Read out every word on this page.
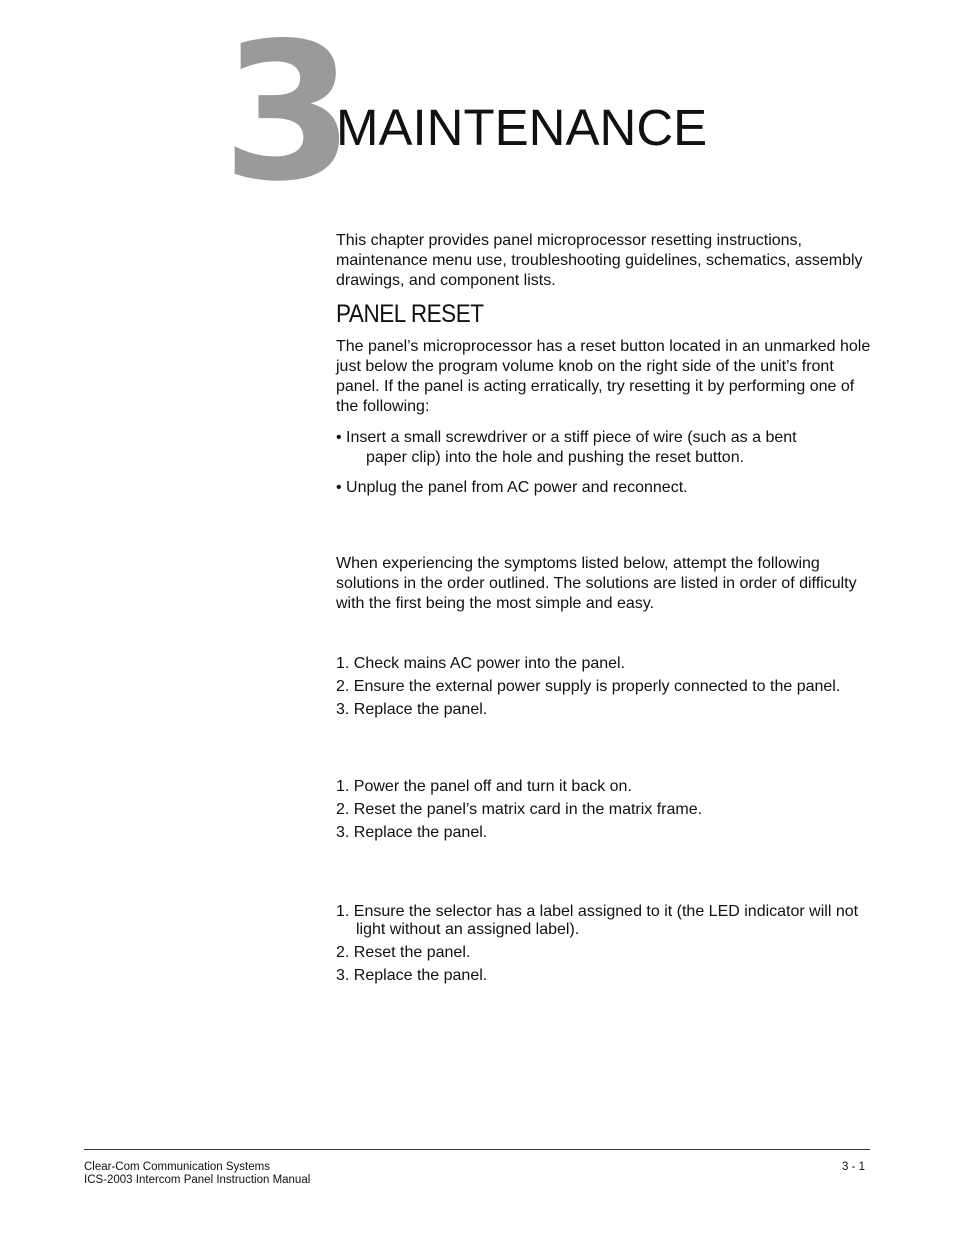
3
MAINTENANCE

This chapter provides panel microprocessor resetting instructions, maintenance menu use, troubleshooting guidelines, schematics, assembly drawings, and component lists.

PANEL RESET

The panel’s microprocessor has a reset button located in an unmarked hole just below the program volume knob on the right side of the unit’s front panel. If the panel is acting erratically, try resetting it by performing one of the following:

• Insert a small screwdriver or a stiff piece of wire (such as a bent paper clip) into the hole and pushing the reset button.

• Unplug the panel from AC power and reconnect.

When experiencing the symptoms listed below, attempt the following solutions in the order outlined. The solutions are listed in order of difficulty with the first being the most simple and easy.

1. Check mains AC power into the panel.
2. Ensure the external power supply is properly connected to the panel.
3. Replace the panel.
1. Power the panel off and turn it back on.
2. Reset the panel’s matrix card in the matrix frame.
3. Replace the panel.
1. Ensure the selector has a label assigned to it (the LED indicator will not light without an assigned label).
2. Reset the panel.
3. Replace the panel.
Clear-Com Communication Systems
ICS-2003 Intercom Panel Instruction Manual
3 - 1
